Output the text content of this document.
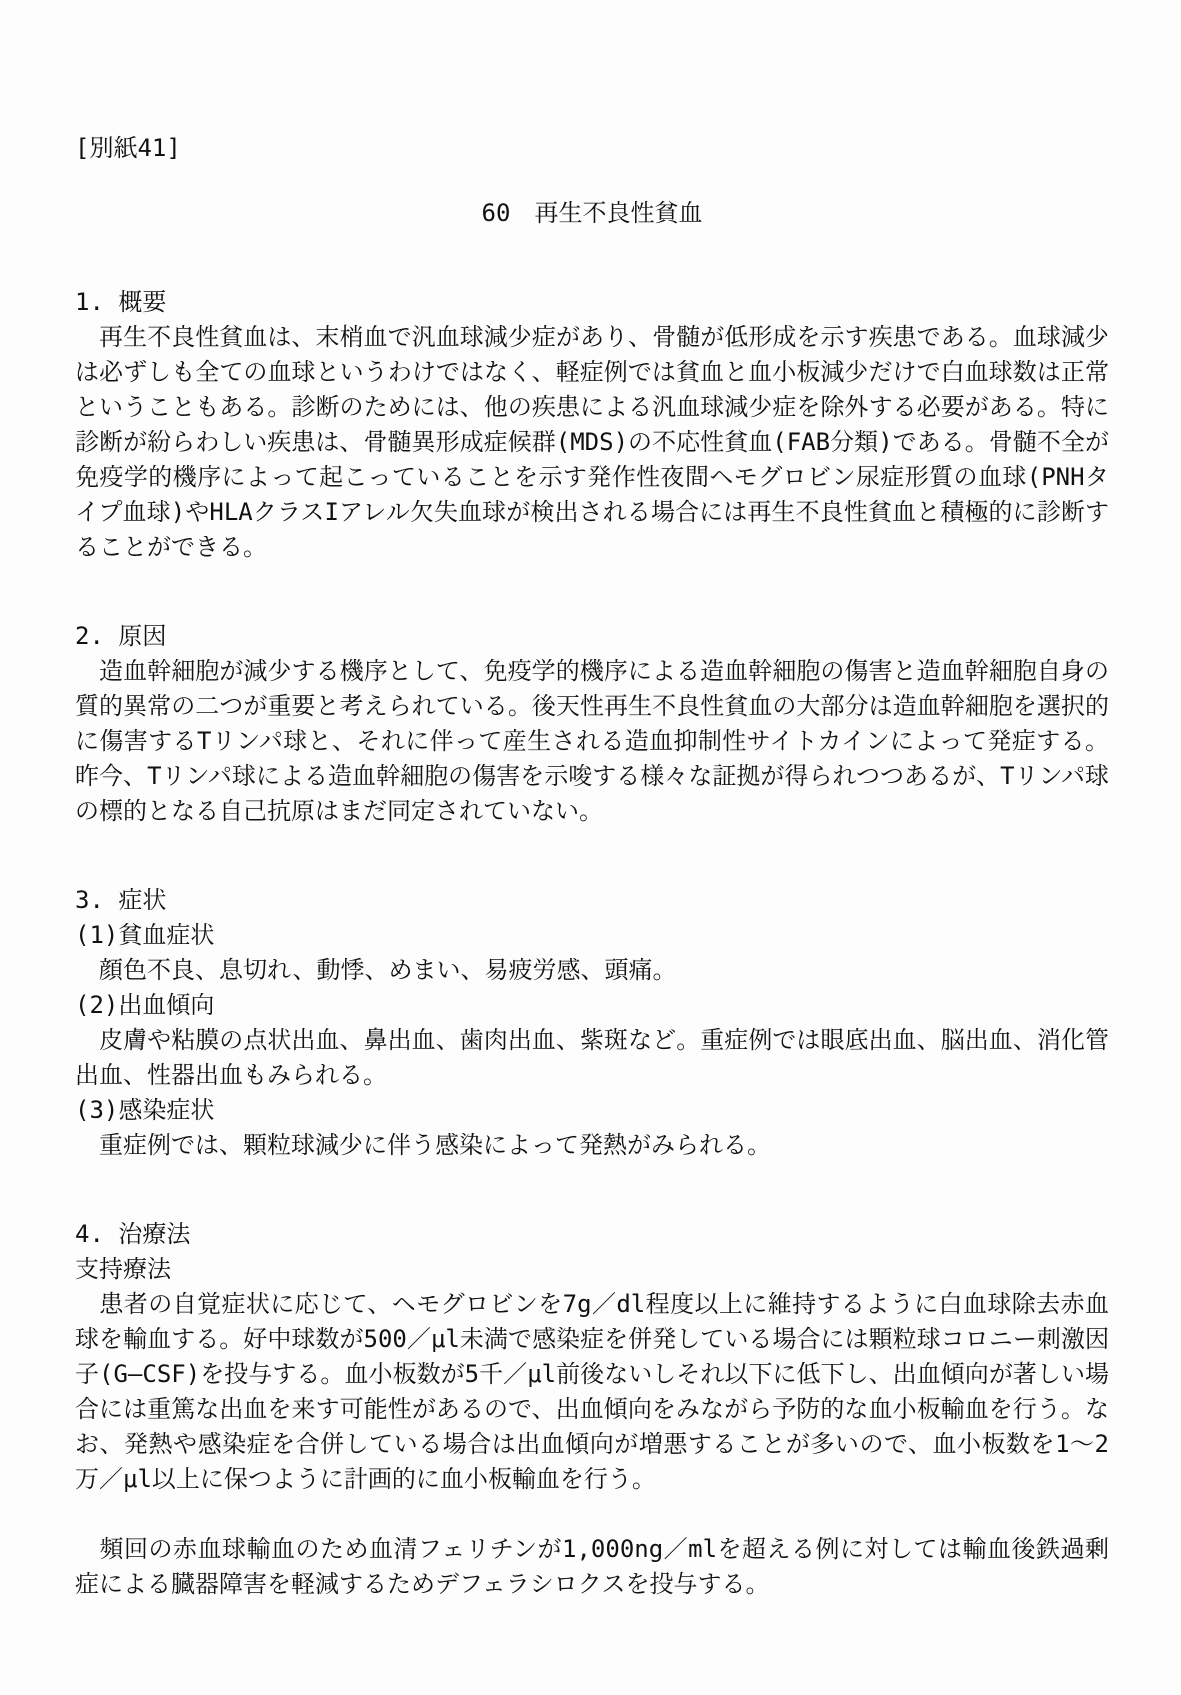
[別紙41]
60　再生不良性貧血
1. 概要

　再生不良性貧血は、末梢血で汎血球減少症があり、骨髄が低形成を示す疾患である。血球減少は必ずしも全ての血球というわけではなく、軽症例では貧血と血小板減少だけで白血球数は正常ということもある。診断のためには、他の疾患による汎血球減少症を除外する必要がある。特に診断が紛らわしい疾患は、骨髄異形成症候群(MDS)の不応性貧血(FAB分類)である。骨髄不全が免疫学的機序によって起こっていることを示す発作性夜間ヘモグロビン尿症形質の血球(PNHタイプ血球)やHLAクラスIアレル欠失血球が検出される場合には再生不良性貧血と積極的に診断することができる。

2. 原因

　造血幹細胞が減少する機序として、免疫学的機序による造血幹細胞の傷害と造血幹細胞自身の質的異常の二つが重要と考えられている。後天性再生不良性貧血の大部分は造血幹細胞を選択的に傷害するTリンパ球と、それに伴って産生される造血抑制性サイトカインによって発症する。昨今、Tリンパ球による造血幹細胞の傷害を示唆する様々な証拠が得られつつあるが、Tリンパ球の標的となる自己抗原はまだ同定されていない。

3. 症状
(1)貧血症状

　顔色不良、息切れ、動悸、めまい、易疲労感、頭痛。

(2)出血傾向

　皮膚や粘膜の点状出血、鼻出血、歯肉出血、紫斑など。重症例では眼底出血、脳出血、消化管出血、性器出血もみられる。

(3)感染症状

　重症例では、顆粒球減少に伴う感染によって発熱がみられる。

4. 治療法
支持療法

　患者の自覚症状に応じて、ヘモグロビンを7g／dl程度以上に維持するように白血球除去赤血球を輸血する。好中球数が500／μl未満で感染症を併発している場合には顆粒球コロニー刺激因子(G—CSF)を投与する。血小板数が5千／μl前後ないしそれ以下に低下し、出血傾向が著しい場合には重篤な出血を来す可能性があるので、出血傾向をみながら予防的な血小板輸血を行う。なお、発熱や感染症を合併している場合は出血傾向が増悪することが多いので、血小板数を1〜2万／μl以上に保つように計画的に血小板輸血を行う。

　頻回の赤血球輸血のため血清フェリチンが1,000ng／mlを超える例に対しては輸血後鉄過剰症による臓器障害を軽減するためデフェラシロクスを投与する。
